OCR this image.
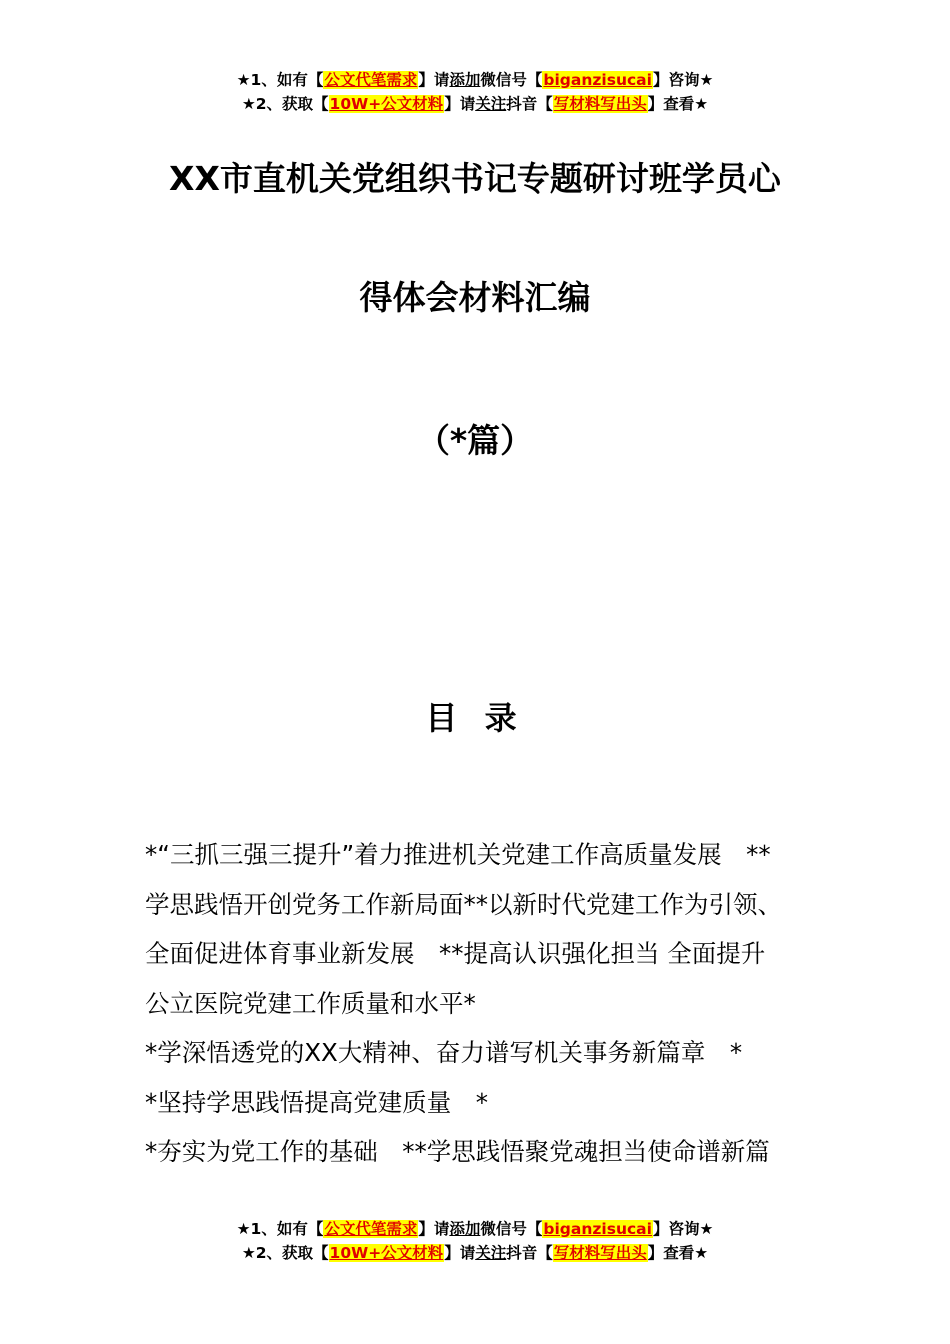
★1、如有【公文代笔需求】请添加微信号【biganzisucai】咨询★
★2、获取【10W+公文材料】请关注抖音【写材料写出头】查看★
XX市直机关党组织书记专题研讨班学员心
得体会材料汇编
（*篇）
目 录
*“三抓三强三提升”着力推进机关党建工作高质量发展　**
学思践悟开创党务工作新局面**以新时代党建工作为引领、
全面促进体育事业新发展　**提高认识强化担当 全面提升
公立医院党建工作质量和水平*
*学深悟透党的XX大精神、奋力谱写机关事务新篇章　*
*坚持学思践悟提高党建质量　*
*夯实为党工作的基础　**学思践悟聚党魂担当使命谱新篇
★1、如有【公文代笔需求】请添加微信号【biganzisucai】咨询★
★2、获取【10W+公文材料】请关注抖音【写材料写出头】查看★
